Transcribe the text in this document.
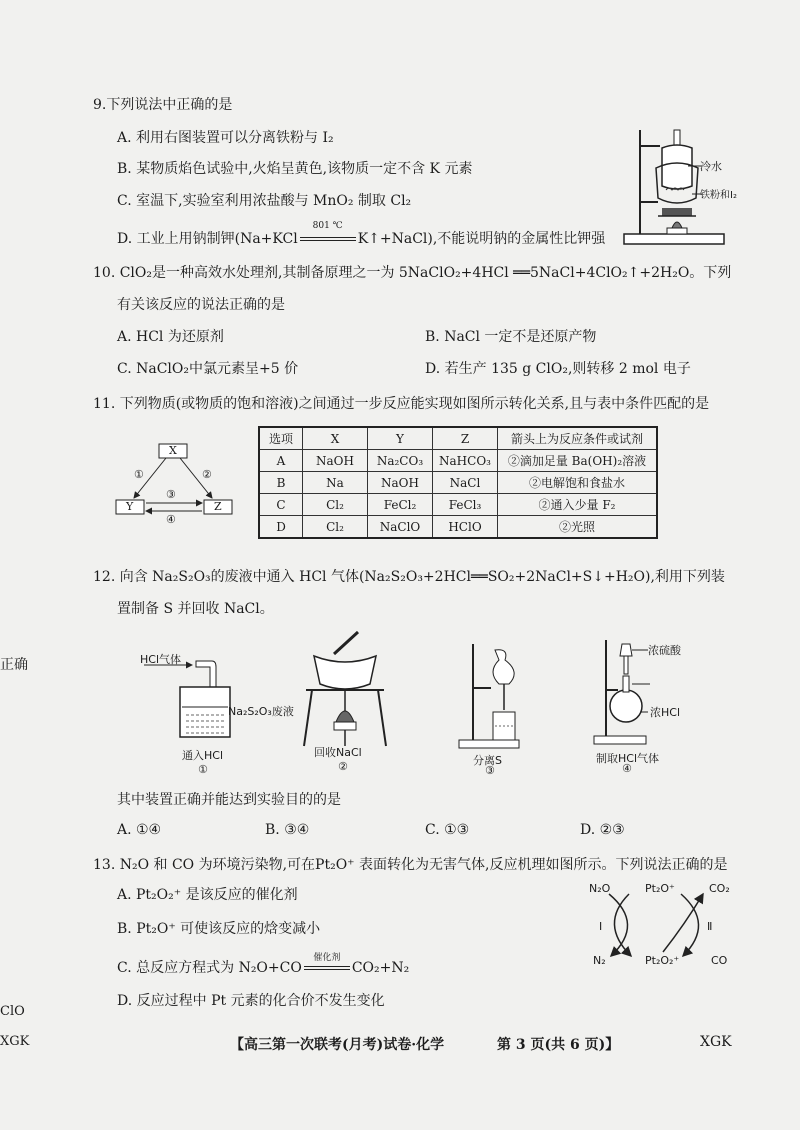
9.下列说法中正确的是
A. 利用右图装置可以分离铁粉与 I₂
B. 某物质焰色试验中,火焰呈黄色,该物质一定不含 K 元素
C. 室温下,实验室利用浓盐酸与 MnO₂ 制取 Cl₂
D. 工业上用钠制钾(Na+KCl
801 ℃
K↑+NaCl),不能说明钠的金属性比钾强
冷水
铁粉和I₂
10. ClO₂是一种高效水处理剂,其制备原理之一为 5NaClO₂+4HCl ══5NaCl+4ClO₂↑+2H₂O。下列
有关该反应的说法正确的是
A. HCl 为还原剂	B. NaCl 一定不是还原产物
C. NaClO₂中氯元素呈+5 价	D. 若生产 135 g ClO₂,则转移 2 mol 电子
11. 下列物质(或物质的饱和溶液)之间通过一步反应能实现如图所示转化关系,且与表中条件匹配的是
X
Y	Z
①	②
③
④
选项	X	Y	Z	箭头上为反应条件或试剂
A	NaOH	Na₂CO₃	NaHCO₃	②滴加足量 Ba(OH)₂溶液
B	Na	NaOH	NaCl	②电解饱和食盐水
C	Cl₂	FeCl₂	FeCl₃	②通入少量 F₂
D	Cl₂	NaClO	HClO	②光照
12. 向含 Na₂S₂O₃的废液中通入 HCl 气体(Na₂S₂O₃+2HCl══SO₂+2NaCl+S↓+H₂O),利用下列装
置制备 S 并回收 NaCl。
HCl气体
Na₂S₂O₃废液
通入HCl
①
回收NaCl
②	分离S
③
浓硫酸
浓HCl
制取HCl气体
④
其中装置正确并能达到实验目的的是
A. ①④	B. ③④	C. ①③	D. ②③
13. N₂O 和 CO 为环境污染物,可在Pt₂O⁺ 表面转化为无害气体,反应机理如图所示。下列说法正确的是
A. Pt₂O₂⁺ 是该反应的催化剂
B. Pt₂O⁺ 可使该反应的焓变减小
C. 总反应方程式为 N₂O+CO
催化剂
CO₂+N₂
D. 反应过程中 Pt 元素的化合价不发生变化
N₂O	Pt₂O⁺	CO₂
N₂	Pt₂O₂⁺	CO
I	Ⅱ
正确
ClO
XGK	【高三第一次联考(月考)试卷·化学	第 3 页(共 6 页)】	XGK
